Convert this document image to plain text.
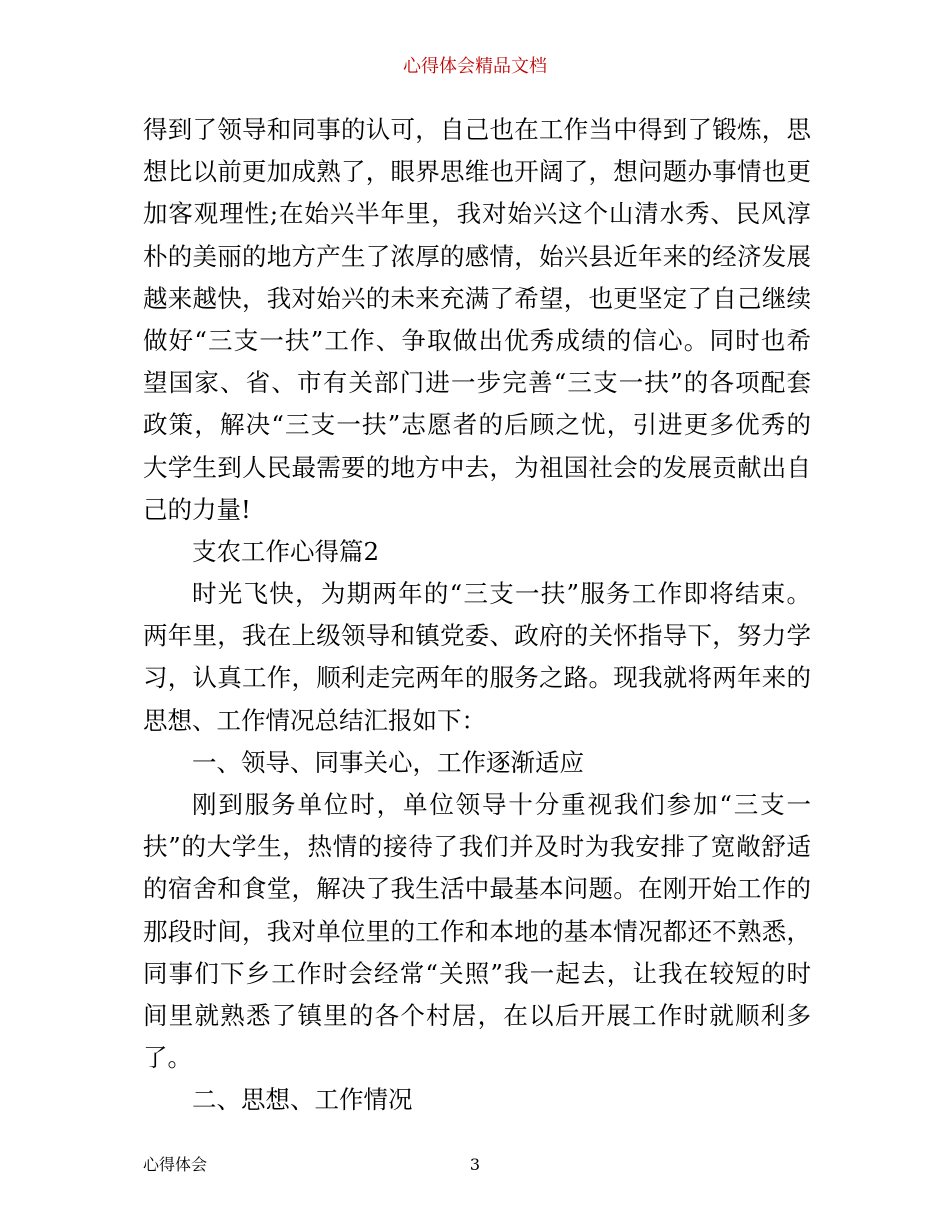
心得体会精品文档
得到了领导和同事的认可，自己也在工作当中得到了锻炼，思
想比以前更加成熟了，眼界思维也开阔了，想问题办事情也更
加客观理性;在始兴半年里，我对始兴这个山清水秀、民风淳
朴的美丽的地方产生了浓厚的感情，始兴县近年来的经济发展
越来越快，我对始兴的未来充满了希望，也更坚定了自己继续
做好“三支一扶”工作、争取做出优秀成绩的信心。同时也希
望国家、省、市有关部门进一步完善“三支一扶”的各项配套
政策，解决“三支一扶”志愿者的后顾之忧，引进更多优秀的
大学生到人民最需要的地方中去，为祖国社会的发展贡献出自
己的力量!
支农工作心得篇2
时光飞快，为期两年的“三支一扶”服务工作即将结束。
两年里，我在上级领导和镇党委、政府的关怀指导下，努力学
习，认真工作，顺利走完两年的服务之路。现我就将两年来的
思想、工作情况总结汇报如下：
一、领导、同事关心，工作逐渐适应
刚到服务单位时，单位领导十分重视我们参加“三支一
扶”的大学生，热情的接待了我们并及时为我安排了宽敞舒适
的宿舍和食堂，解决了我生活中最基本问题。在刚开始工作的
那段时间，我对单位里的工作和本地的基本情况都还不熟悉，
同事们下乡工作时会经常“关照”我一起去，让我在较短的时
间里就熟悉了镇里的各个村居，在以后开展工作时就顺利多
了。
二、思想、工作情况
心得体会	3
